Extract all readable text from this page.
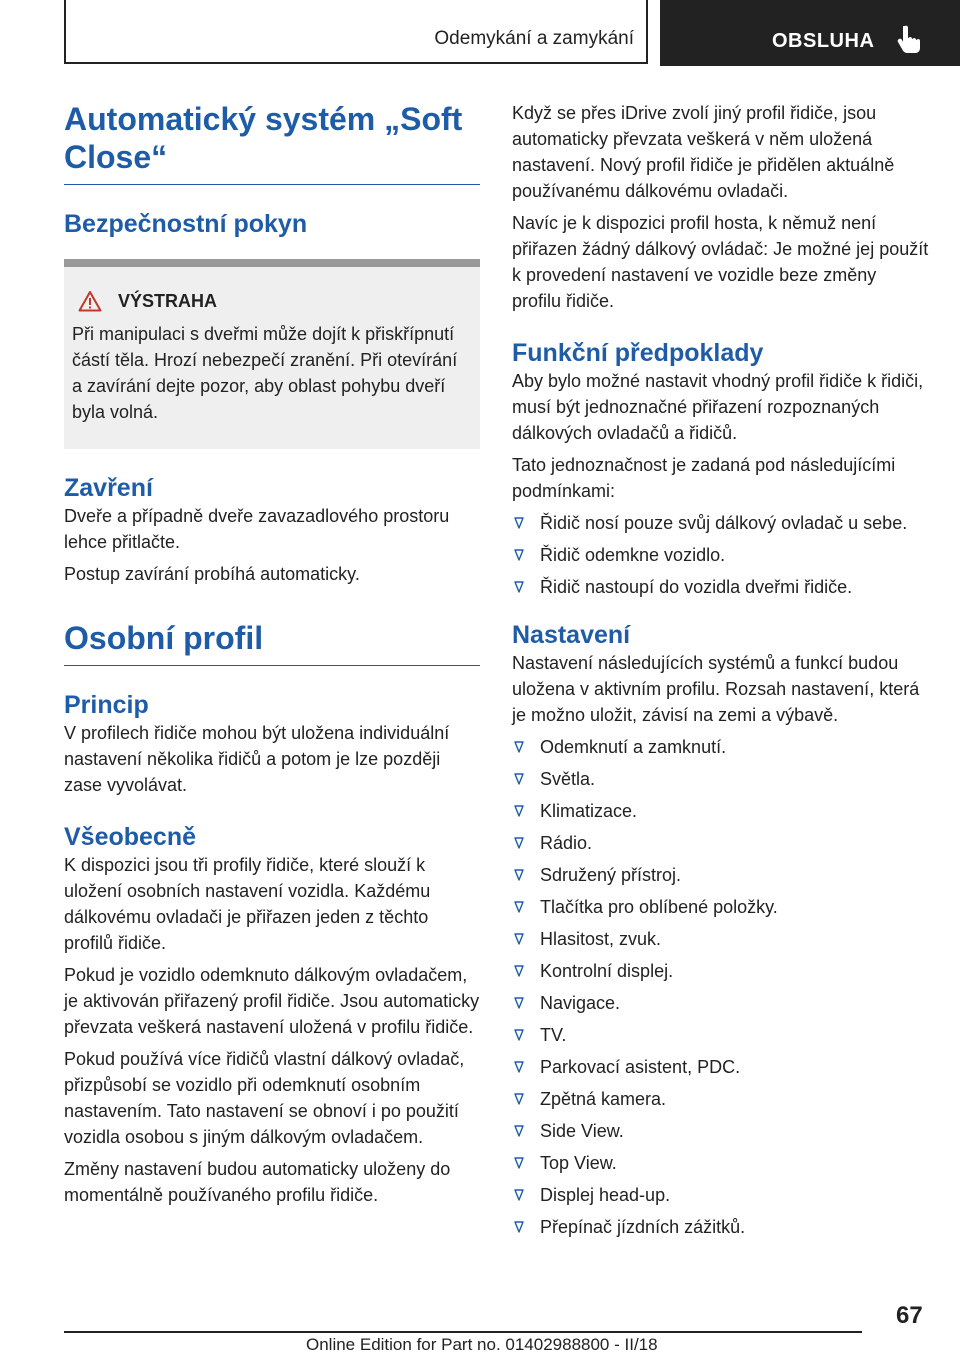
Odemykání a zamykání	OBSLUHA
Automatický systém „Soft Close“
Bezpečnostní pokyn
VÝSTRAHA

Při manipulaci s dveřmi může dojít k přiskřípnutí částí těla. Hrozí nebezpečí zranění. Při otevírání a zavírání dejte pozor, aby oblast pohybu dveří byla volná.

Zavření

Dveře a případně dveře zavazadlového prostoru lehce přitlačte.

Postup zavírání probíhá automaticky.

Osobní profil
Princip

V profilech řidiče mohou být uložena individuální nastavení několika řidičů a potom je lze později zase vyvolávat.

Všeobecně

K dispozici jsou tři profily řidiče, které slouží k uložení osobních nastavení vozidla. Každému dálkovému ovladači je přiřazen jeden z těchto profilů řidiče.

Pokud je vozidlo odemknuto dálkovým ovladačem, je aktivován přiřazený profil řidiče. Jsou automaticky převzata veškerá nastavení uložená v profilu řidiče.

Pokud používá více řidičů vlastní dálkový ovladač, přizpůsobí se vozidlo při odemknutí osobním nastavením. Tato nastavení se obnoví i po použití vozidla osobou s jiným dálkovým ovladačem.

Změny nastavení budou automaticky uloženy do momentálně používaného profilu řidiče.

Když se přes iDrive zvolí jiný profil řidiče, jsou automaticky převzata veškerá v něm uložená nastavení. Nový profil řidiče je přidělen aktuálně používanému dálkovému ovladači.

Navíc je k dispozici profil hosta, k němuž není přiřazen žádný dálkový ovládač: Je možné jej použít k provedení nastavení ve vozidle beze změny profilu řidiče.

Funkční předpoklady

Aby bylo možné nastavit vhodný profil řidiče k řidiči, musí být jednoznačné přiřazení rozpoznaných dálkových ovladačů a řidičů.

Tato jednoznačnost je zadaná pod následujícími podmínkami:

Řidič nosí pouze svůj dálkový ovladač u sebe.
Řidič odemkne vozidlo.
Řidič nastoupí do vozidla dveřmi řidiče.
Nastavení

Nastavení následujících systémů a funkcí budou uložena v aktivním profilu. Rozsah nastavení, která je možno uložit, závisí na zemi a výbavě.

Odemknutí a zamknutí.
Světla.
Klimatizace.
Rádio.
Sdružený přístroj.
Tlačítka pro oblíbené položky.
Hlasitost, zvuk.
Kontrolní displej.
Navigace.
TV.
Parkovací asistent, PDC.
Zpětná kamera.
Side View.
Top View.
Displej head-up.
Přepínač jízdních zážitků.
67
Online Edition for Part no. 01402988800 - II/18
